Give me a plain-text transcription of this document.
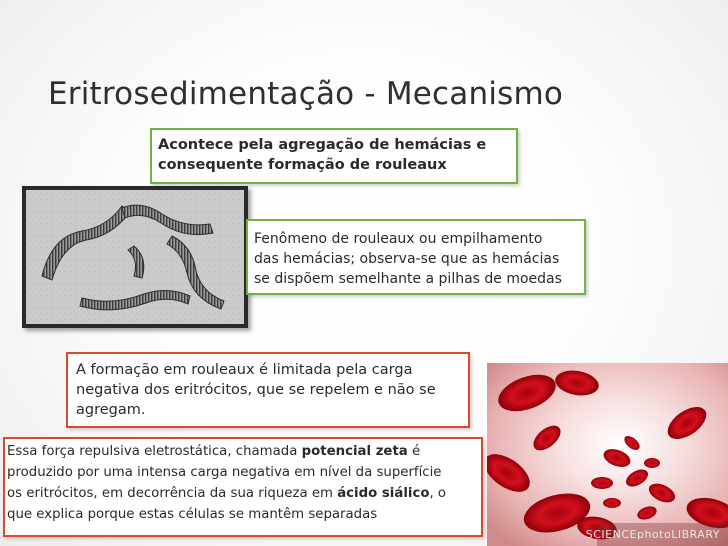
Eritrosedimentação - Mecanismo
SCIENCEphotoLIBRARY
Acontece pela agregação de hemácias e
consequente formação de rouleaux
Fenômeno de rouleaux ou empilhamento
das hemácias; observa-se que as hemácias
se dispõem semelhante a pilhas de moedas
A formação em rouleaux é limitada pela carga
negativa dos eritrócitos, que se repelem e não se
agregam.
Essa força repulsiva eletrostática, chamada potencial zeta é
produzido por uma intensa carga negativa em nível da superfície
os eritrócitos, em decorrência da sua riqueza em ácido siálico, o
que explica porque estas células se mantêm separadas
